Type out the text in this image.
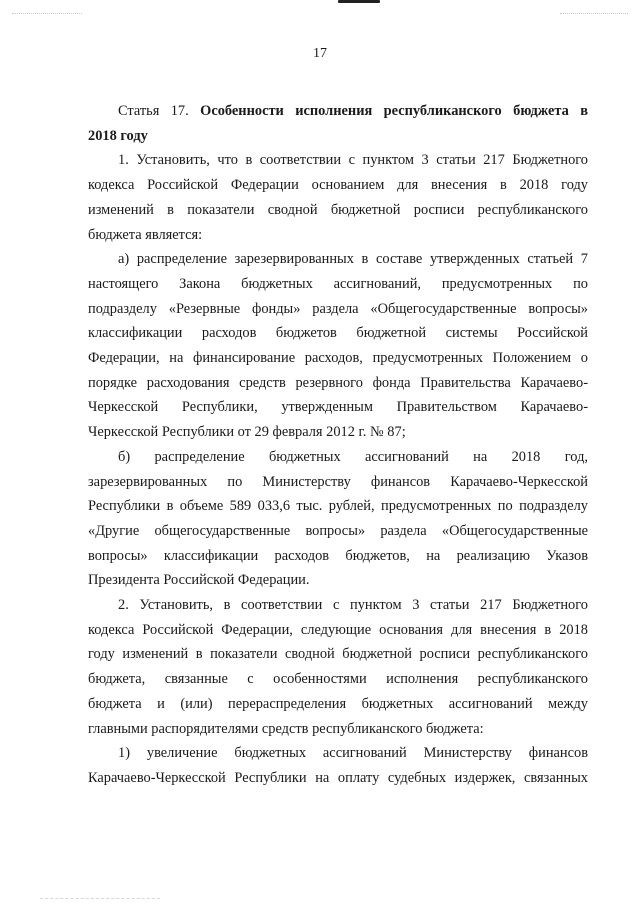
17

Статья 17. Особенности исполнения республиканского бюджета в

2018 году

1. Установить, что в соответствии с пунктом 3 статьи 217 Бюджетного

кодекса Российской Федерации основанием для внесения в 2018 году

изменений в показатели сводной бюджетной росписи республиканского

бюджета является:

а) распределение зарезервированных в составе утвержденных статьей 7

настоящего Закона бюджетных ассигнований, предусмотренных по

подразделу «Резервные фонды» раздела «Общегосударственные вопросы»

классификации расходов бюджетов бюджетной системы Российской

Федерации, на финансирование расходов, предусмотренных Положением о

порядке расходования средств резервного фонда Правительства Карачаево-

Черкесской Республики, утвержденным Правительством Карачаево-

Черкесской Республики от 29 февраля 2012 г. № 87;

б) распределение бюджетных ассигнований на 2018 год,

зарезервированных по Министерству финансов Карачаево-Черкесской

Республики в объеме 589 033,6 тыс. рублей, предусмотренных по подразделу

«Другие общегосударственные вопросы» раздела «Общегосударственные

вопросы» классификации расходов бюджетов, на реализацию Указов

Президента Российской Федерации.

2. Установить, в соответствии с пунктом 3 статьи 217 Бюджетного

кодекса Российской Федерации, следующие основания для внесения в 2018

году изменений в показатели сводной бюджетной росписи республиканского

бюджета, связанные с особенностями исполнения республиканского

бюджета и (или) перераспределения бюджетных ассигнований между

главными распорядителями средств республиканского бюджета:

1) увеличение бюджетных ассигнований Министерству финансов

Карачаево-Черкесской Республики на оплату судебных издержек, связанных
